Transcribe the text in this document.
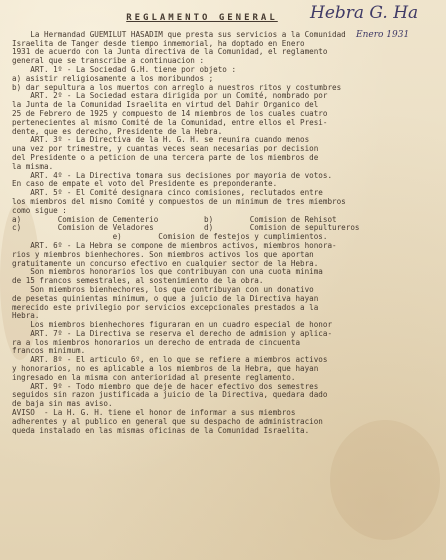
Hebra G. Ha
Enero 1931
REGLAMENTO GENERAL
La Hermandad GUEMILUT HASADIM que presta sus servicios a la Comunidad
Israelita de Tanger desde tiempo inmemorial, ha doptado en Enero
1931 de acuerdo con la Junta directiva de la Comunidad, el reglamento
general que se transcribe a continuacion :
ART. 1º - La Sociedad G.H. tiene por objeto :
a) asistir religiosamente a los moribundos ;
b) dar sepultura a los muertos con arreglo a nuestros ritos y costumbres
ART. 2º - La Sociedad estara dirigida por un Comité, nombrado por
la Junta de la Comunidad Israelita en virtud del Dahir Organico del
25 de Febrero de 1925 y compuesto de 14 miembros de los cuales cuatro
pertenecientes al mismo Comité de la Comunidad, entre ellos el Presi-
dente, que es derecho, Presidente de la Hebra.
ART. 3º - La Directiva de la H. G. H. se reunira cuando menos
una vez por trimestre, y cuantas veces sean necesarias por decision
del Presidente o a peticion de una tercera parte de los miembros de
la misma.
ART. 4º - La Directiva tomara sus decisiones por mayoria de votos.
En caso de empate el voto del Presidente es preponderante.
ART. 5º - El Comité designara cinco comisiones, reclutados entre
los miembros del mismo Comité y compuestos de un minimum de tres miembros
como sigue :
a)        Comision de Cementerio          b)        Comision de Rehisot
c)        Comision de Veladores           d)        Comision de sepultureros
e)        Comision de festejos y cumplimientos.
ART. 6º - La Hebra se compone de miembros activos, miembros honora-
rios y miembros bienhechores. Son miembros activos los que aportan
gratuitamente un concurso efectivo en cualquier sector de la Hebra.
Son miembros honorarios los que contribuyan con una cuota minima
de 15 francos semestrales, al sostenimiento de la obra.
Son miembros bienhechores, los que contribuyan con un donativo
de pesetas quinientas minimum, o que a juicio de la Directiva hayan
merecido este privilegio por servicios excepcionales prestados a la
Hebra.
Los miembros bienhechores figuraran en un cuadro especial de honor
ART. 7º - La Directiva se reserva el derecho de admision y aplica-
ra a los miembros honorarios un derecho de entrada de cincuenta
francos minimum.
ART. 8º - El articulo 6º, en lo que se refiere a miembros activos
y honorarios, no es aplicable a los miembros de la Hebra, que hayan
ingresado en la misma con anterioridad al presente reglamento.
ART. 9º - Todo miembro que deje de hacer efectivo dos semestres
seguidos sin razon justificada a juicio de la Directiva, quedara dado
de baja sin mas aviso.
AVISO  - La H. G. H. tiene el honor de informar a sus miembros
adherentes y al publico en general que su despacho de administracion
queda instalado en las mismas oficinas de la Comunidad Israelita.
